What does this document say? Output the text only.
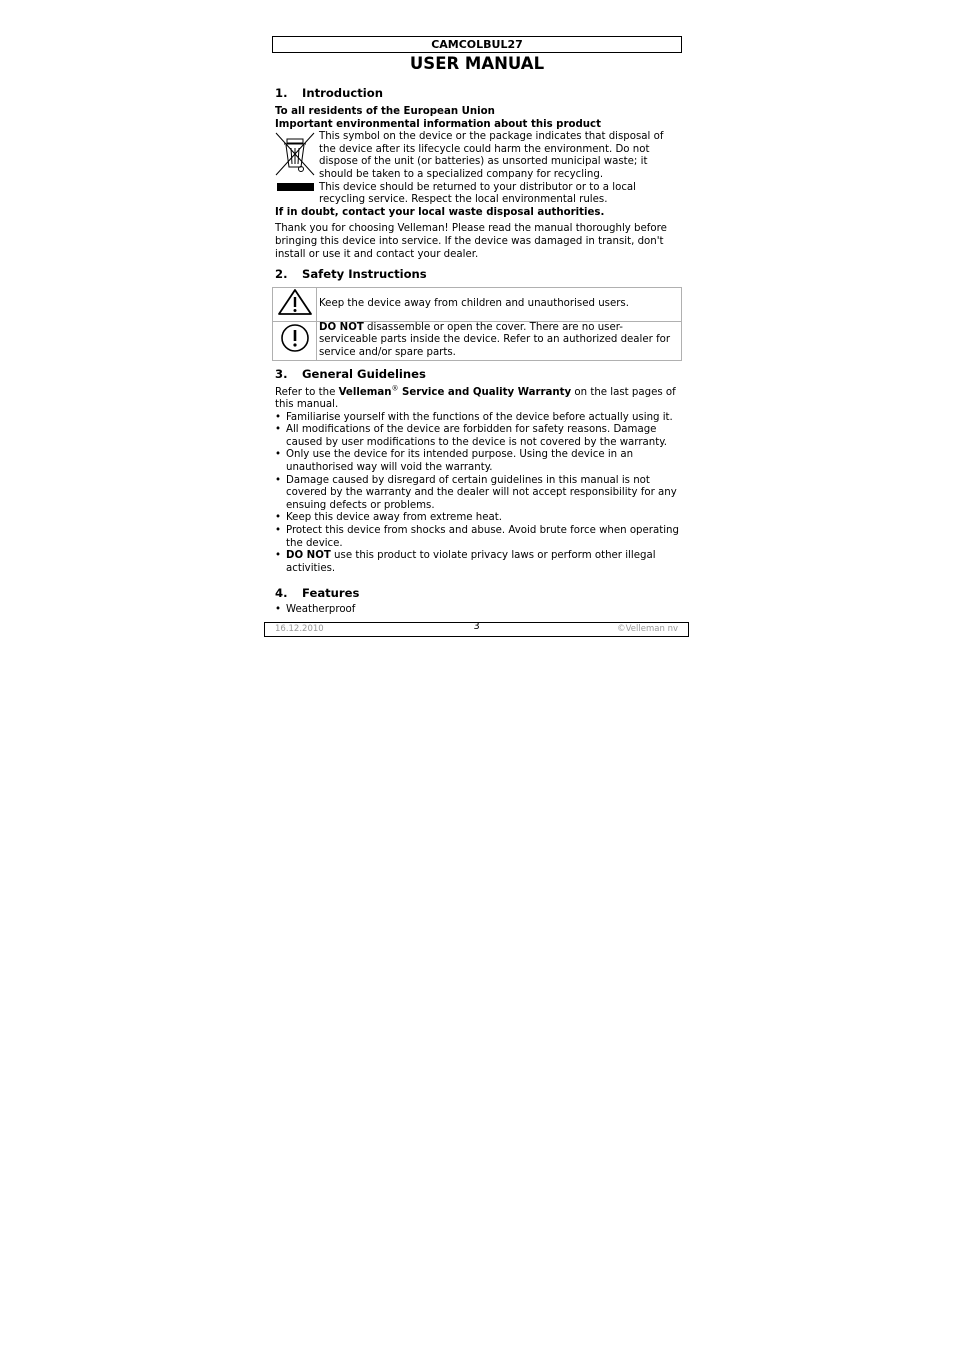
CAMCOLBUL27
USER MANUAL
1.	Introduction

To all residents of the European Union

Important environmental information about this product

This symbol on the device or the package indicates that disposal of the device after its lifecycle could harm the environment. Do not dispose of the unit (or batteries) as unsorted municipal waste; it should be taken to a specialized company for recycling.

This device should be returned to your distributor or to a local recycling service. Respect the local environmental rules.

If in doubt, contact your local waste disposal authorities.

Thank you for choosing Velleman! Please read the manual thoroughly before bringing this device into service. If the device was damaged in transit, don't install or use it and contact your dealer.

2.	Safety Instructions
	Keep the device away from children and unauthorised users.
	DO NOT disassemble or open the cover. There are no user-serviceable parts inside the device. Refer to an authorized dealer for service and/or spare parts.
3.	General Guidelines

Refer to the Velleman® Service and Quality Warranty on the last pages of this manual.

• Familiarise yourself with the functions of the device before actually using it.
• All modifications of the device are forbidden for safety reasons. Damage caused by user modifications to the device is not covered by the warranty.
• Only use the device for its intended purpose. Using the device in an unauthorised way will void the warranty.
• Damage caused by disregard of certain guidelines in this manual is not covered by the warranty and the dealer will not accept responsibility for any ensuing defects or problems.
• Keep this device away from extreme heat.
• Protect this device from shocks and abuse. Avoid brute force when operating the device.
• DO NOT use this product to violate privacy laws or perform other illegal activities.
4.	Features
• Weatherproof
16.12.2010	3	©Velleman nv
